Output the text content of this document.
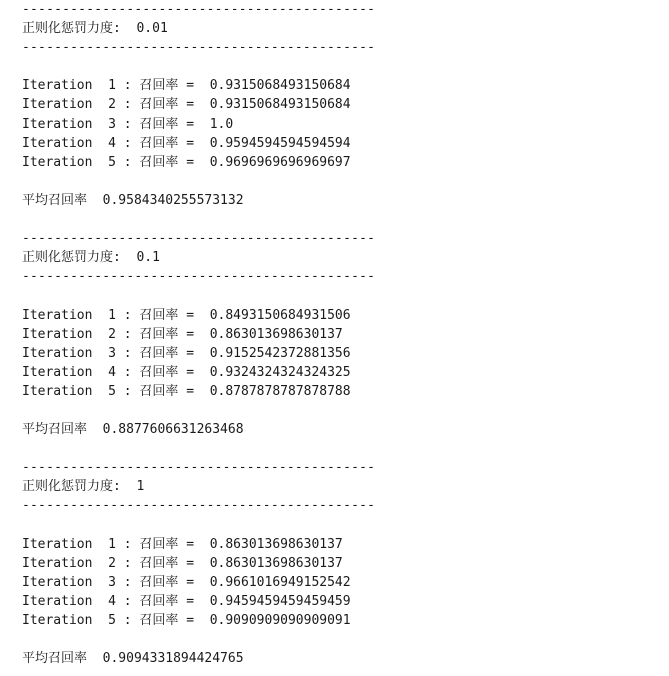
--------------------------------------------
正则化惩罚力度:  0.01
--------------------------------------------
Iteration  1 : 召回率 =  0.9315068493150684
Iteration  2 : 召回率 =  0.9315068493150684
Iteration  3 : 召回率 =  1.0
Iteration  4 : 召回率 =  0.9594594594594594
Iteration  5 : 召回率 =  0.9696969696969697
平均召回率  0.9584340255573132
--------------------------------------------
正则化惩罚力度:  0.1
--------------------------------------------
Iteration  1 : 召回率 =  0.8493150684931506
Iteration  2 : 召回率 =  0.863013698630137
Iteration  3 : 召回率 =  0.9152542372881356
Iteration  4 : 召回率 =  0.9324324324324325
Iteration  5 : 召回率 =  0.8787878787878788
平均召回率  0.8877606631263468
--------------------------------------------
正则化惩罚力度:  1
--------------------------------------------
Iteration  1 : 召回率 =  0.863013698630137
Iteration  2 : 召回率 =  0.863013698630137
Iteration  3 : 召回率 =  0.9661016949152542
Iteration  4 : 召回率 =  0.9459459459459459
Iteration  5 : 召回率 =  0.9090909090909091
平均召回率  0.9094331894424765
